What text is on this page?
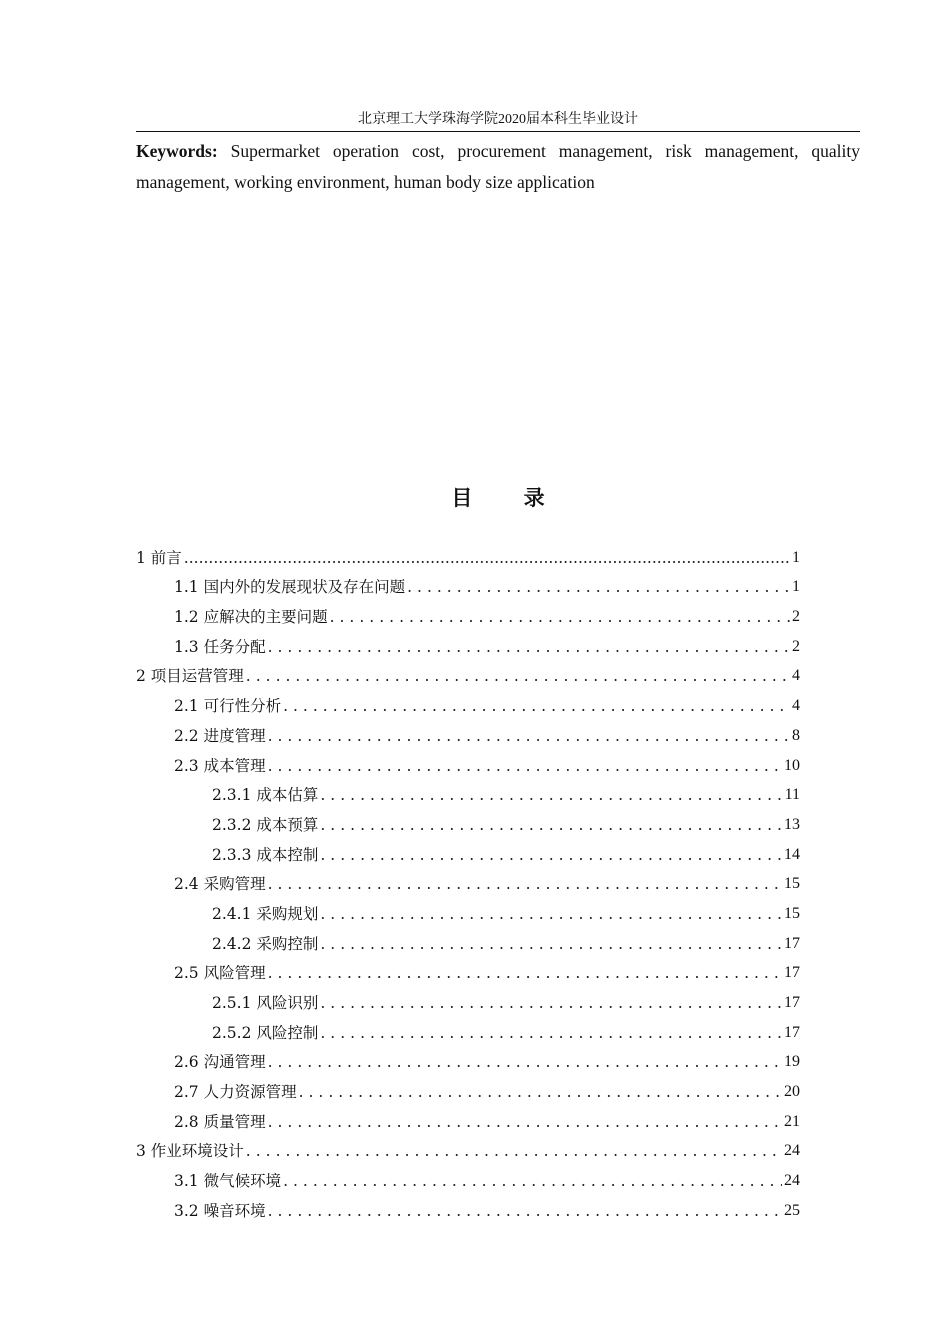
北京理工大学珠海学院2020届本科生毕业设计
Keywords: Supermarket operation cost, procurement management, risk management, quality management, working environment, human body size application
目 录
1 前言 .....	1
1.1 国内外的发展现状及存在问题 .....	1
1.2 应解决的主要问题 .....	2
1.3 任务分配 .....	2
2 项目运营管理 .....	4
2.1 可行性分析 .....	4
2.2 进度管理 .....	8
2.3 成本管理 .....	10
2.3.1 成本估算 .....	11
2.3.2 成本预算 .....	13
2.3.3 成本控制 .....	14
2.4 采购管理 .....	15
2.4.1 采购规划 .....	15
2.4.2 采购控制 .....	17
2.5 风险管理 .....	17
2.5.1 风险识别 .....	17
2.5.2 风险控制 .....	17
2.6 沟通管理 .....	19
2.7 人力资源管理 .....	20
2.8 质量管理 .....	21
3 作业环境设计 .....	24
3.1 微气候环境 .....	24
3.2 噪音环境 .....	25
